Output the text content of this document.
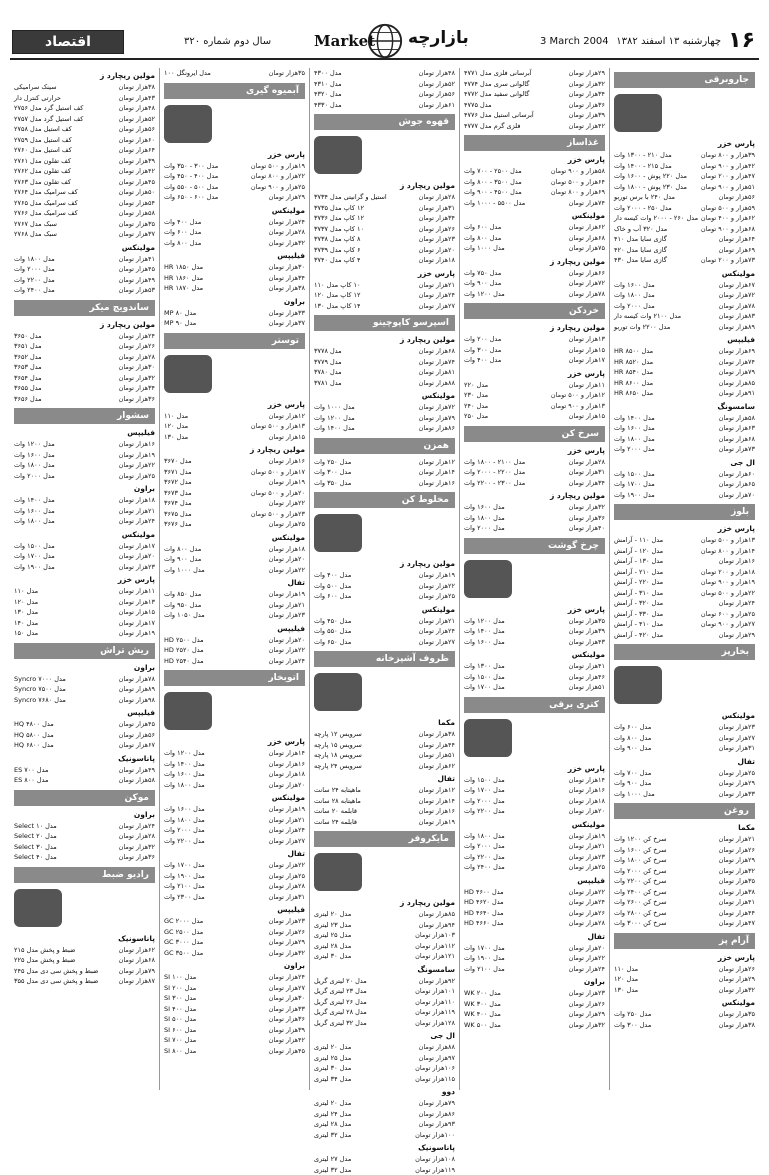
۱۶
چهارشنبه ۱۳ اسفند ۱۳۸۲
3 March 2004
بازارچه
Market
سال دوم شماره ۳۲۰
اقتصاد
جاروبرقی
پارس خزر
مدل ۲۱۰ - ۱۳۰۰ وات	۳۹هزار و ۸۰۰ تومان
مدل ۲۱۵ - ۱۴۰۰ وات	۴۲هزار و ۹۰۰ تومان
مدل ۲۲۰ پوش - ۱۶۰۰ وات ۴۷هزار و ۲۰۰ تومان
مدل ۲۳۰ پوش - ۱۸۰۰ وات ۵۱هزار و ۹۰۰ تومان
مدل ۲۴۰ با برس توربو	۵۶هزار تومان
مدل ۲۵۰ - ۲۰۰۰ وات	۵۹هزار و ۵۰۰ تومان
مدل ۲۶۰ - ۲۰۰۰ وات کیسه دار ۶۲هزار و ۴۰۰ تومان
مدل ۳۲۰ آب و خاک	۶۸هزار و ۹۰۰ تومان
گازی سایا مدل ۴۱۰	۶۴هزار تومان
گازی سایا مدل ۴۲۰	۶۹هزار تومان
گازی سایا مدل ۴۳۰	۷۳هزار و ۲۰۰ تومان
مولینکس
مدل ۱۶۰۰ وات	۶۷هزار تومان
مدل ۱۸۰۰ وات	۷۲هزار تومان
مدل ۲۰۰۰ وات	۷۸هزار تومان
مدل ۲۱۰۰ وات کیسه دار	۸۳هزار تومان
مدل ۲۲۰۰ وات توربو	۸۹هزار تومان
فیلیپس
مدل HR ۸۵۰۰	۶۹هزار تومان
مدل HR ۸۵۲۰	۷۴هزار تومان
مدل HR ۸۵۴۰	۷۹هزار تومان
مدل HR ۸۶۰۰	۸۵هزار تومان
مدل HR ۸۶۵۰	۹۱هزار تومان
سامسونگ
مدل ۱۴۰۰ وات	۵۸هزار تومان
مدل ۱۶۰۰ وات	۶۳هزار تومان
مدل ۱۸۰۰ وات	۶۸هزار تومان
مدل ۲۰۰۰ وات	۷۳هزار تومان
ال جی
مدل ۱۵۰۰ وات	۶۰هزار تومان
مدل ۱۷۰۰ وات	۶۵هزار تومان
مدل ۱۹۰۰ وات	۷۰هزار تومان
بلوز
پارس خزر
مدل ۱۱۰ - آرامش	۱۳هزار و ۵۰۰ تومان
مدل ۱۲۰ - آرامش	۱۴هزار و ۸۰۰ تومان
مدل ۱۳۰ - آرامش	۱۶هزار تومان
مدل ۲۱۰ - آرامش	۱۸هزار و ۲۰۰ تومان
مدل ۲۲۰ - آرامش	۱۹هزار و ۹۰۰ تومان
مدل ۳۱۰ - آرامش	۲۲هزار و ۵۰۰ تومان
مدل ۳۲۰ - آرامش	۲۴هزار تومان
مدل ۳۳۰ - آرامش	۲۵هزار و ۶۰۰ تومان
مدل ۴۱۰ - آرامش	۲۷هزار و ۹۰۰ تومان
مدل ۴۲۰ - آرامش	۲۹هزار تومان
بخارپز
مولینکس
مدل ۶۰۰ وات	۲۳هزار تومان
مدل ۸۰۰ وات	۲۷هزار تومان
مدل ۹۰۰ وات	۳۱هزار تومان
تفال
مدل ۷۰۰ وات	۲۵هزار تومان
مدل ۹۰۰ وات	۲۹هزار تومان
مدل ۱۰۰۰ وات	۳۳هزار تومان
روغن
مکما
سرخ کن ۱۲۰۰ وات	۲۱هزار تومان
سرخ کن ۱۶۰۰ وات	۲۶هزار تومان
سرخ کن ۱۸۰۰ وات	۲۹هزار تومان
سرخ کن ۲۰۰۰ وات	۳۲هزار تومان
سرخ کن ۲۲۰۰ وات	۳۵هزار تومان
سرخ کن ۲۴۰۰ وات	۳۸هزار تومان
سرخ کن ۲۶۰۰ وات	۴۱هزار تومان
سرخ کن ۲۸۰۰ وات	۴۴هزار تومان
سرخ کن ۳۰۰۰ وات	۴۷هزار تومان
آرام پز
پارس خزر
مدل ۱۱۰	۲۶هزار تومان
مدل ۱۲۰	۲۹هزار تومان
مدل ۱۳۰	۳۲هزار تومان
مولینکس
مدل ۲۵۰ وات	۳۵هزار تومان
مدل ۳۰۰ وات	۳۸هزار تومان
آبرسانی فلزی مدل ۴۷۷۱	۲۹هزار تومان
گالوانی سری مدل ۴۷۷۴	۳۲هزار تومان
گالوانی سفید مدل ۴۷۷۲	۳۴هزار تومان
مدل ۴۷۷۵	۳۶هزار تومان
آبرسانی استیل مدل ۴۷۷۶	۳۹هزار تومان
فلزی گرم مدل ۴۷۷۷	۴۲هزار تومان
غذاساز
پارس خزر
مدل ۲۵۰۰ - ۷۰۰ وات	۵۸هزار و ۹۰۰ تومان
مدل ۳۵۰۰ - ۸۰۰ وات	۶۴هزار و ۵۰۰ تومان
مدل ۴۵۰۰ - ۹۰۰ وات	۶۹هزار و ۸۰۰ تومان
مدل ۵۵۰۰ - ۱۰۰۰ وات	۷۴هزار تومان
مولینکس
مدل ۶۰۰ وات	۶۲هزار تومان
مدل ۸۰۰ وات	۶۸هزار تومان
مدل ۱۰۰۰ وات	۷۵هزار تومان
مولین ریچارد ز
مدل ۷۵۰ وات	۶۶هزار تومان
مدل ۹۰۰ وات	۷۲هزار تومان
مدل ۱۲۰۰ وات	۷۸هزار تومان
خردکن
مولین ریچارد ز
مدل ۲۰۰ وات	۱۳هزار تومان
مدل ۳۰۰ وات	۱۵هزار تومان
مدل ۴۰۰ وات	۱۷هزار تومان
پارس خزر
مدل ۲۲۰	۱۱هزار تومان
مدل ۲۳۰	۱۲هزار و ۵۰۰ تومان
مدل ۲۴۰	۱۳هزار و ۹۰۰ تومان
مدل ۲۵۰	۱۵هزار تومان
سرخ کن
پارس خزر
مدل ۲۱۰۰ - ۱۸۰۰ وات	۲۸هزار تومان
مدل ۲۲۰۰ - ۲۰۰۰ وات	۳۱هزار تومان
مدل ۲۳۰۰ - ۲۲۰۰ وات	۳۴هزار تومان
مولین ریچارد ز
مدل ۱۶۰۰ وات	۳۲هزار تومان
مدل ۱۸۰۰ وات	۳۶هزار تومان
مدل ۲۰۰۰ وات	۴۰هزار تومان
چرخ گوشت
پارس خزر
مدل ۱۲۰۰ وات	۳۵هزار تومان
مدل ۱۴۰۰ وات	۳۹هزار تومان
مدل ۱۶۰۰ وات	۴۳هزار تومان
مولینکس
مدل ۱۳۰۰ وات	۴۱هزار تومان
مدل ۱۵۰۰ وات	۴۶هزار تومان
مدل ۱۷۰۰ وات	۵۱هزار تومان
کتری برقی
پارس خزر
مدل ۱۵۰۰ وات	۱۴هزار تومان
مدل ۱۷۰۰ وات	۱۶هزار تومان
مدل ۲۰۰۰ وات	۱۸هزار تومان
مدل ۲۲۰۰ وات	۲۰هزار تومان
مولینکس
مدل ۱۸۰۰ وات	۱۹هزار تومان
مدل ۲۰۰۰ وات	۲۱هزار تومان
مدل ۲۲۰۰ وات	۲۳هزار تومان
مدل ۲۴۰۰ وات	۲۵هزار تومان
فیلیپس
مدل HD ۴۶۰۰	۲۲هزار تومان
مدل HD ۴۶۲۰	۲۴هزار تومان
مدل HD ۴۶۴۰	۲۶هزار تومان
مدل HD ۴۶۶۰	۲۸هزار تومان
تفال
مدل ۱۷۰۰ وات	۲۰هزار تومان
مدل ۱۹۰۰ وات	۲۲هزار تومان
مدل ۲۱۰۰ وات	۲۴هزار تومان
براون
مدل WK ۲۰۰	۲۳هزار تومان
مدل WK ۳۰۰	۲۶هزار تومان
مدل WK ۴۰۰	۲۹هزار تومان
مدل WK ۵۰۰	۳۲هزار تومان
مدل ۴۳۰۰	۴۸هزار تومان
مدل ۴۳۱۰	۵۲هزار تومان
مدل ۴۳۲۰	۵۶هزار تومان
مدل ۴۳۳۰	۶۱هزار تومان
قهوه جوش
مولین ریچارد ز
استیل و گرانیتی مدل ۳۷۳۴	۲۸هزار تومان
۱۲ کاپ مدل ۳۷۳۵	۳۱هزار تومان
۱۲ کاپ مدل ۳۷۳۶	۳۴هزار تومان
۱۰ کاپ مدل ۳۷۳۷	۲۶هزار تومان
۸ کاپ مدل ۳۷۳۸	۲۳هزار تومان
۶ کاپ مدل ۳۷۳۹	۲۰هزار تومان
۴ کاپ مدل ۳۷۴۰	۱۸هزار تومان
پارس خزر
۱۰ کاپ مدل ۱۱۰	۲۱هزار تومان
۱۲ کاپ مدل ۱۲۰	۲۴هزار تومان
۱۴ کاپ مدل ۱۳۰	۲۷هزار تومان
اسپرسو کاپوچینو
مولین ریچارد ز
مدل ۳۷۷۸	۶۸هزار تومان
مدل ۳۷۷۹	۷۴هزار تومان
مدل ۳۷۸۰	۸۱هزار تومان
مدل ۳۷۸۱	۸۸هزار تومان
مولینکس
مدل ۱۰۰۰ وات	۷۲هزار تومان
مدل ۱۲۰۰ وات	۷۹هزار تومان
مدل ۱۴۰۰ وات	۸۶هزار تومان
همزن
مدل ۲۵۰ وات	۱۲هزار تومان
مدل ۳۰۰ وات	۱۴هزار تومان
مدل ۳۵۰ وات	۱۶هزار تومان
مخلوط کن
مولین ریچارد ز
مدل ۴۰۰ وات	۱۹هزار تومان
مدل ۵۰۰ وات	۲۲هزار تومان
مدل ۶۰۰ وات	۲۵هزار تومان
مولینکس
مدل ۴۵۰ وات	۲۱هزار تومان
مدل ۵۵۰ وات	۲۴هزار تومان
مدل ۶۵۰ وات	۲۷هزار تومان
ظروف آشپزخانه
مکما
سرویس ۱۲ پارچه	۳۸هزار تومان
سرویس ۱۵ پارچه	۴۴هزار تومان
سرویس ۱۸ پارچه	۵۱هزار تومان
سرویس ۲۴ پارچه	۶۲هزار تومان
تفال
ماهیتابه ۲۴ سانت	۱۲هزار تومان
ماهیتابه ۲۸ سانت	۱۴هزار تومان
قابلمه ۲۰ سانت	۱۶هزار تومان
قابلمه ۲۴ سانت	۱۹هزار تومان
مایکروفر
مولین ریچارد ز
مدل ۲۰ لیتری	۸۵هزار تومان
مدل ۲۳ لیتری	۹۴هزار تومان
مدل ۲۵ لیتری	۱۰۳هزار تومان
مدل ۲۸ لیتری	۱۱۲هزار تومان
مدل ۳۰ لیتری	۱۲۱هزار تومان
سامسونگ
مدل ۲۰ لیتری گریل	۹۲هزار تومان
مدل ۲۳ لیتری گریل	۱۰۱هزار تومان
مدل ۲۶ لیتری گریل	۱۱۰هزار تومان
مدل ۲۸ لیتری گریل	۱۱۹هزار تومان
مدل ۳۲ لیتری گریل	۱۲۸هزار تومان
ال جی
مدل ۲۰ لیتری	۸۸هزار تومان
مدل ۲۵ لیتری	۹۷هزار تومان
مدل ۳۰ لیتری	۱۰۶هزار تومان
مدل ۳۴ لیتری	۱۱۵هزار تومان
دوو
مدل ۲۰ لیتری	۷۹هزار تومان
مدل ۲۴ لیتری	۸۶هزار تومان
مدل ۲۸ لیتری	۹۳هزار تومان
مدل ۳۲ لیتری	۱۰۰هزار تومان
پاناسونیک
مدل ۲۷ لیتری	۱۰۸هزار تومان
مدل ۳۲ لیتری	۱۱۹هزار تومان
مدل ایرونگل ۱۰۰	۳۵هزار تومان
آبمیوه گیری
پارس خزر
مدل ۳۰۰ - ۳۵۰ وات	۱۹هزار و ۵۰۰ تومان
مدل ۴۰۰ - ۴۵۰ وات	۲۲هزار و ۸۰۰ تومان
مدل ۵۰۰ - ۵۵۰ وات	۲۵هزار و ۹۰۰ تومان
مدل ۶۰۰ - ۶۵۰ وات	۲۹هزار تومان
مولینکس
مدل ۴۰۰ وات	۲۴هزار تومان
مدل ۶۰۰ وات	۲۸هزار تومان
مدل ۸۰۰ وات	۳۲هزار تومان
فیلیپس
مدل HR ۱۸۵۰	۳۰هزار تومان
مدل HR ۱۸۶۰	۳۴هزار تومان
مدل HR ۱۸۷۰	۳۸هزار تومان
براون
مدل MP ۸۰	۳۳هزار تومان
مدل MP ۹۰	۳۷هزار تومان
توستر
پارس خزر
مدل ۱۱۰	۱۲هزار تومان
مدل ۱۲۰	۱۳هزار و ۵۰۰ تومان
مدل ۱۳۰	۱۵هزار تومان
مولین ریچارد ز
مدل ۳۶۷۰	۱۶هزار تومان
مدل ۳۶۷۱	۱۷هزار و ۵۰۰ تومان
مدل ۳۶۷۲	۱۹هزار تومان
مدل ۳۶۷۳	۲۰هزار و ۵۰۰ تومان
مدل ۳۶۷۴	۲۲هزار تومان
مدل ۳۶۷۵	۲۳هزار و ۵۰۰ تومان
مدل ۳۶۷۶	۲۵هزار تومان
مولینکس
مدل ۸۰۰ وات	۱۸هزار تومان
مدل ۹۰۰ وات	۲۰هزار تومان
مدل ۱۰۰۰ وات	۲۲هزار تومان
تفال
مدل ۸۵۰ وات	۱۹هزار تومان
مدل ۹۵۰ وات	۲۱هزار تومان
مدل ۱۰۵۰ وات	۲۳هزار تومان
فیلیپس
مدل HD ۲۵۰۰	۲۰هزار تومان
مدل HD ۲۵۲۰	۲۲هزار تومان
مدل HD ۲۵۴۰	۲۴هزار تومان
اتوبخار
پارس خزر
مدل ۱۲۰۰ وات	۱۴هزار تومان
مدل ۱۴۰۰ وات	۱۶هزار تومان
مدل ۱۶۰۰ وات	۱۸هزار تومان
مدل ۱۸۰۰ وات	۲۰هزار تومان
مولینکس
مدل ۱۶۰۰ وات	۱۹هزار تومان
مدل ۱۸۰۰ وات	۲۱هزار تومان
مدل ۲۰۰۰ وات	۲۴هزار تومان
مدل ۲۲۰۰ وات	۲۷هزار تومان
تفال
مدل ۱۷۰۰ وات	۲۲هزار تومان
مدل ۱۹۰۰ وات	۲۵هزار تومان
مدل ۲۱۰۰ وات	۲۸هزار تومان
مدل ۲۳۰۰ وات	۳۱هزار تومان
فیلیپس
مدل GC ۲۰۰۰	۲۳هزار تومان
مدل GC ۲۵۰۰	۲۶هزار تومان
مدل GC ۳۰۰۰	۲۹هزار تومان
مدل GC ۳۵۰۰	۳۲هزار تومان
براون
مدل SI ۱۰۰	۲۴هزار تومان
مدل SI ۲۰۰	۲۷هزار تومان
مدل SI ۳۰۰	۳۰هزار تومان
مدل SI ۴۰۰	۳۳هزار تومان
مدل SI ۵۰۰	۳۶هزار تومان
مدل SI ۶۰۰	۳۹هزار تومان
مدل SI ۷۰۰	۴۲هزار تومان
مدل SI ۸۰۰	۴۵هزار تومان
مولین ریچارد ز
سینک سرامیکی	۳۸هزار تومان
حرارتی کنترل دار	۴۳هزار تومان
کف استیل گرد مدل ۲۷۵۶	۴۸هزار تومان
کف استیل گرد مدل ۲۷۵۷	۵۲هزار تومان
کف استیل مدل ۲۷۵۸	۵۶هزار تومان
کف استیل مدل ۲۷۵۹	۶۰هزار تومان
کف استیل مدل ۲۷۶۰	۶۴هزار تومان
کف تفلون مدل ۲۷۶۱	۳۹هزار تومان
کف تفلون مدل ۲۷۶۲	۴۲هزار تومان
کف تفلون مدل ۲۷۶۳	۴۵هزار تومان
کف سرامیک مدل ۲۷۶۴	۵۰هزار تومان
کف سرامیک مدل ۲۷۶۵	۵۴هزار تومان
کف سرامیک مدل ۲۷۶۶	۵۸هزار تومان
سبک مدل ۲۷۶۷	۳۵هزار تومان
سبک مدل ۲۷۶۸	۳۷هزار تومان
مولینکس
مدل ۱۸۰۰ وات	۴۱هزار تومان
مدل ۲۰۰۰ وات	۴۵هزار تومان
مدل ۲۲۰۰ وات	۴۹هزار تومان
مدل ۲۴۰۰ وات	۵۳هزار تومان
ساندویچ میکر
مولین ریچارد ز
مدل ۳۶۵۰	۲۴هزار تومان
مدل ۳۶۵۱	۲۶هزار تومان
مدل ۳۶۵۲	۲۸هزار تومان
مدل ۳۶۵۳	۳۰هزار تومان
مدل ۳۶۵۴	۳۲هزار تومان
مدل ۳۶۵۵	۳۴هزار تومان
مدل ۳۶۵۶	۳۶هزار تومان
سشوار
فیلیپس
مدل ۱۲۰۰ وات	۱۶هزار تومان
مدل ۱۶۰۰ وات	۱۹هزار تومان
مدل ۱۸۰۰ وات	۲۲هزار تومان
مدل ۲۰۰۰ وات	۲۵هزار تومان
براون
مدل ۱۴۰۰ وات	۱۸هزار تومان
مدل ۱۶۰۰ وات	۲۱هزار تومان
مدل ۱۸۰۰ وات	۲۴هزار تومان
مولینکس
مدل ۱۵۰۰ وات	۱۷هزار تومان
مدل ۱۷۰۰ وات	۲۰هزار تومان
مدل ۱۹۰۰ وات	۲۳هزار تومان
پارس خزر
مدل ۱۱۰	۱۱هزار تومان
مدل ۱۲۰	۱۳هزار تومان
مدل ۱۳۰	۱۵هزار تومان
مدل ۱۴۰	۱۷هزار تومان
مدل ۱۵۰	۱۹هزار تومان
ریش تراش
براون
مدل Syncro ۷۰۰۰	۷۸هزار تومان
مدل Syncro ۷۵۰۰	۸۹هزار تومان
مدل Syncro ۷۶۸۰	۹۸هزار تومان
فیلیپس
مدل HQ ۴۸۰۰	۴۵هزار تومان
مدل HQ ۵۸۰۰	۵۶هزار تومان
مدل HQ ۶۸۰۰	۶۷هزار تومان
پاناسونیک
مدل ES ۷۰۰	۴۹هزار تومان
مدل ES ۸۰۰	۵۸هزار تومان
موکن
براون
مدل Select ۱۰	۲۴هزار تومان
مدل Select ۲۰	۲۸هزار تومان
مدل Select ۳۰	۳۲هزار تومان
مدل Select ۴۰	۳۶هزار تومان
رادیو ضبط
پاناسونیک
ضبط و پخش مدل ۲۱۵	۶۲هزار تومان
ضبط و پخش مدل ۲۲۵	۶۸هزار تومان
ضبط و پخش سی دی مدل ۲۴۵	۷۹هزار تومان
ضبط و پخش سی دی مدل ۳۵۵	۸۷هزار تومان
